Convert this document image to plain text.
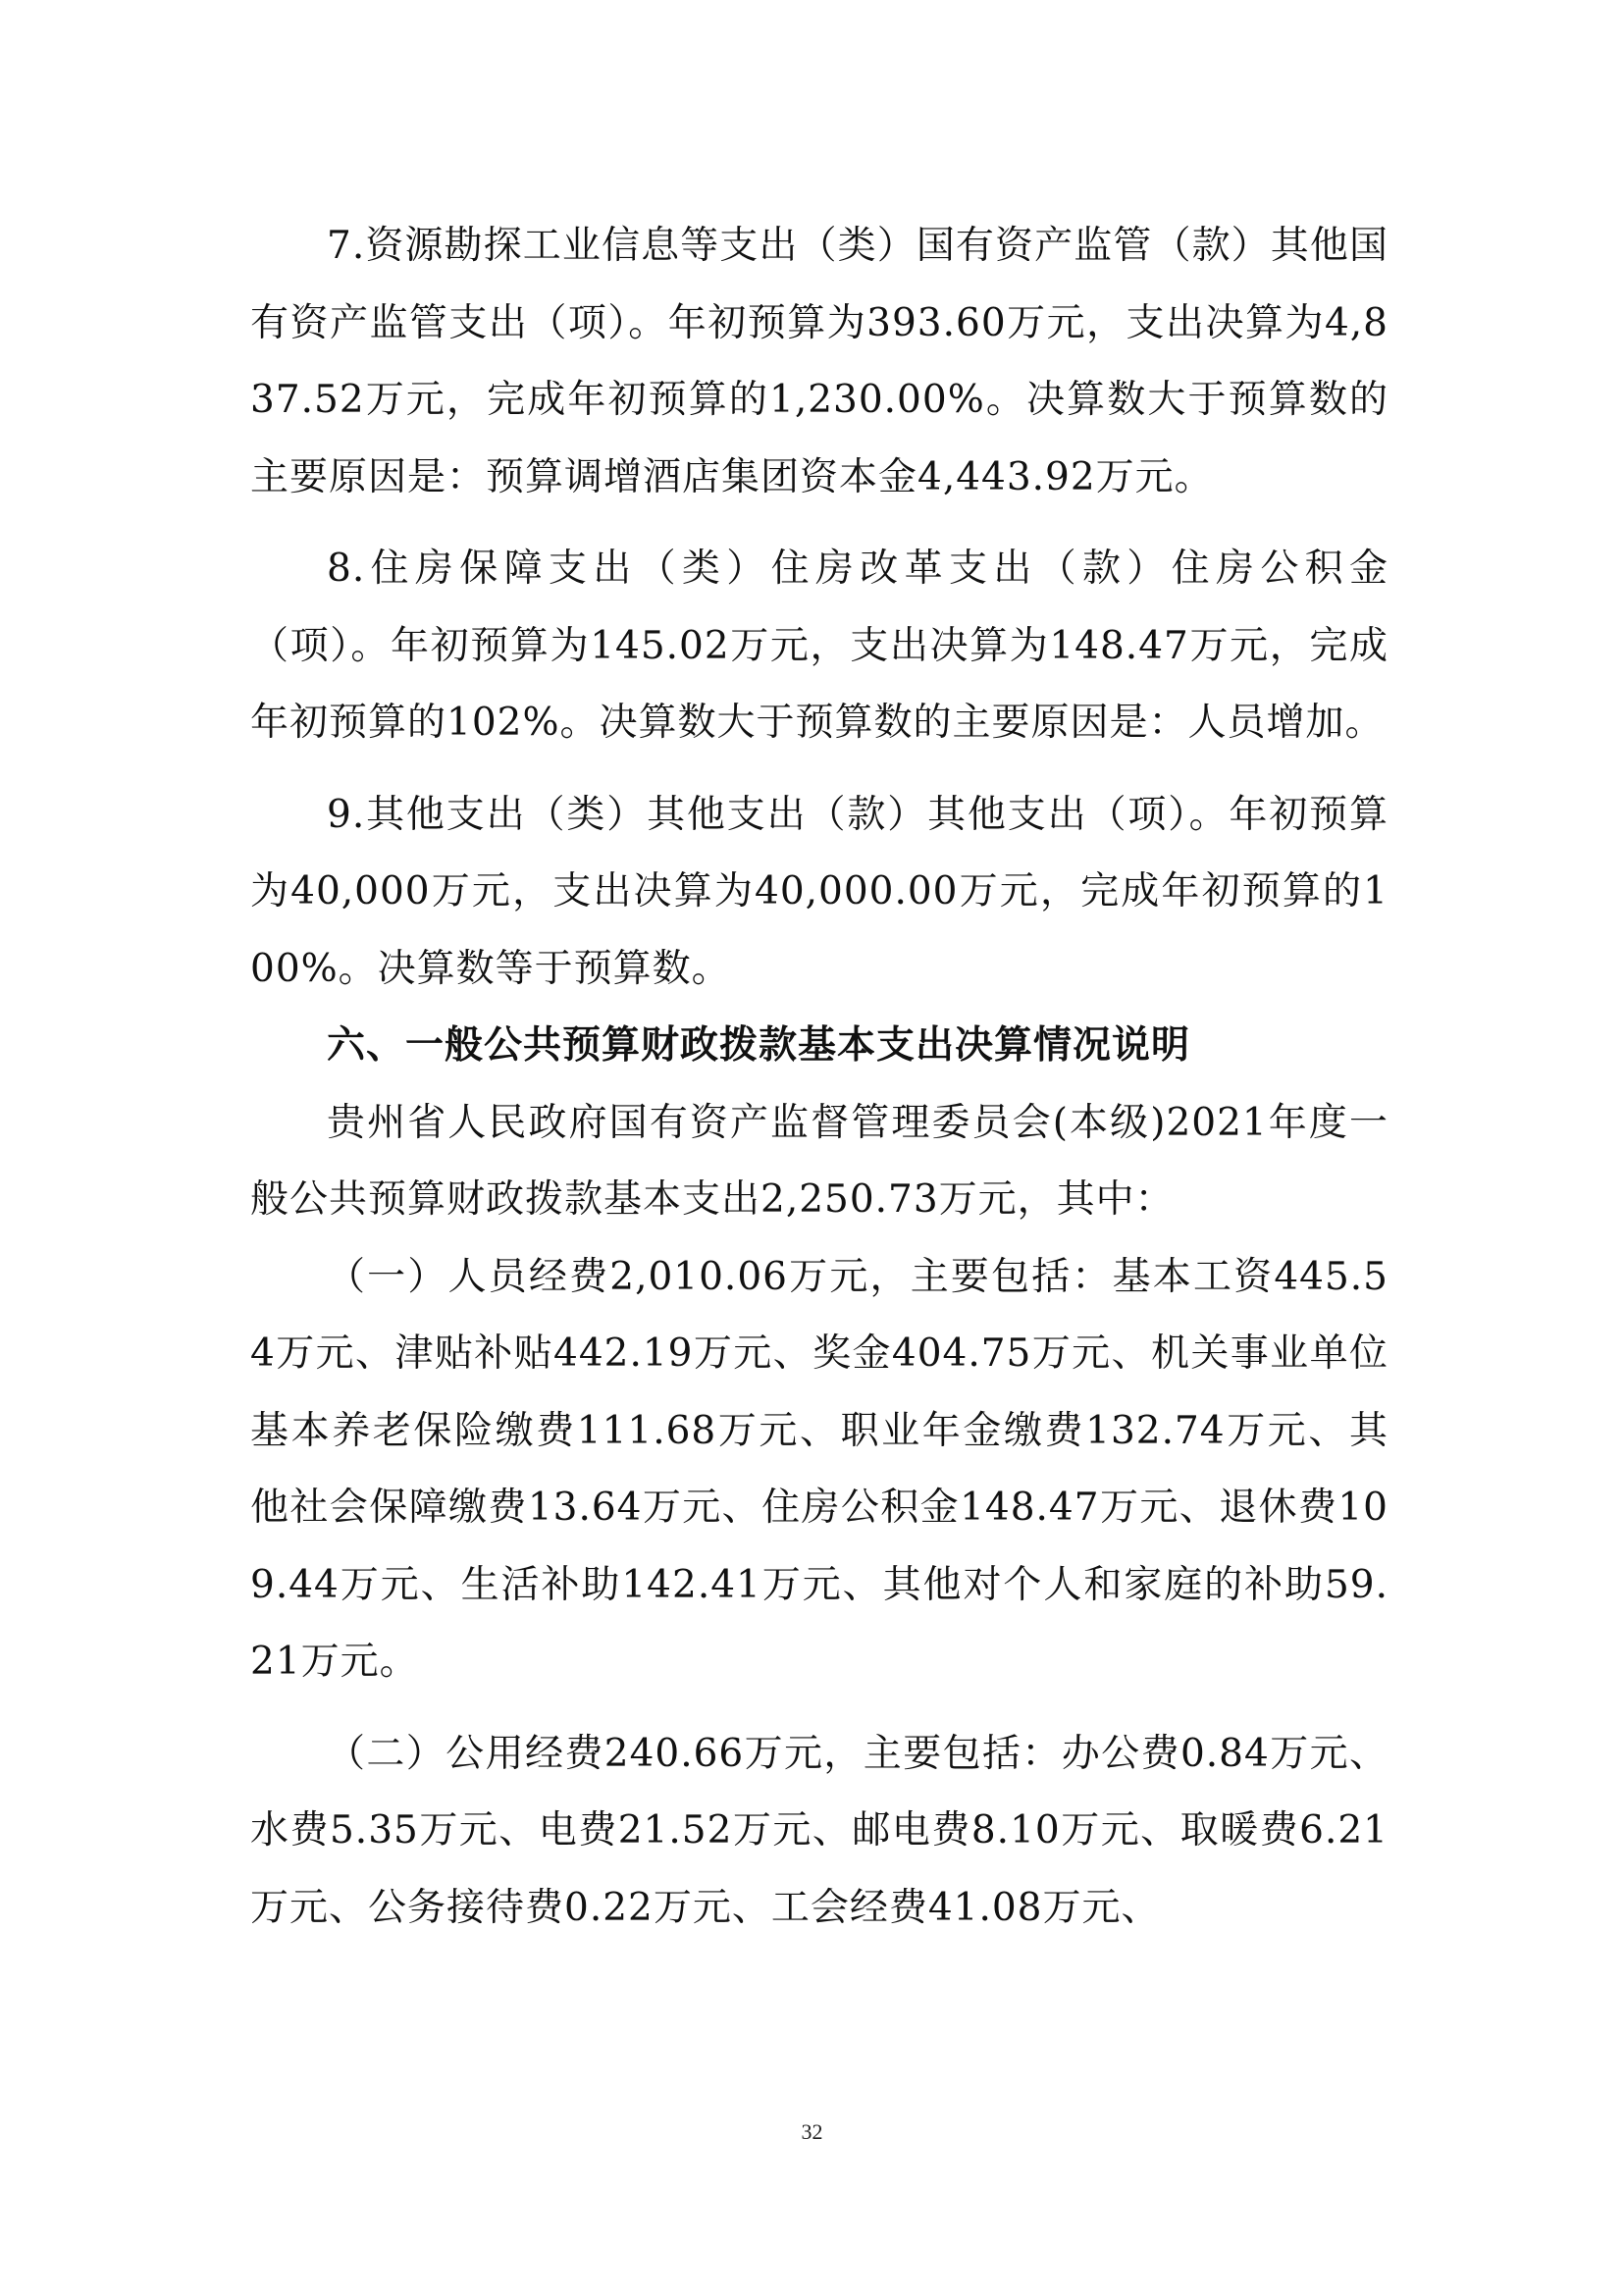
7.资源勘探工业信息等支出（类）国有资产监管（款）其他国有资产监管支出（项）。年初预算为393.60万元，支出决算为4,837.52万元，完成年初预算的1,230.00%。决算数大于预算数的主要原因是：预算调增酒店集团资本金4,443.92万元。

8.住房保障支出（类）住房改革支出（款）住房公积金（项）。年初预算为145.02万元，支出决算为148.47万元，完成年初预算的102%。决算数大于预算数的主要原因是：人员增加。

9.其他支出（类）其他支出（款）其他支出（项）。年初预算为40,000万元，支出决算为40,000.00万元，完成年初预算的100%。决算数等于预算数。

六、一般公共预算财政拨款基本支出决算情况说明

贵州省人民政府国有资产监督管理委员会(本级)2021年度一般公共预算财政拨款基本支出2,250.73万元，其中：

（一）人员经费2,010.06万元，主要包括：基本工资445.54万元、津贴补贴442.19万元、奖金404.75万元、机关事业单位基本养老保险缴费111.68万元、职业年金缴费132.74万元、其他社会保障缴费13.64万元、住房公积金148.47万元、退休费109.44万元、生活补助142.41万元、其他对个人和家庭的补助59.21万元。

（二）公用经费240.66万元，主要包括：办公费0.84万元、水费5.35万元、电费21.52万元、邮电费8.10万元、取暖费6.21万元、公务接待费0.22万元、工会经费41.08万元、

32
